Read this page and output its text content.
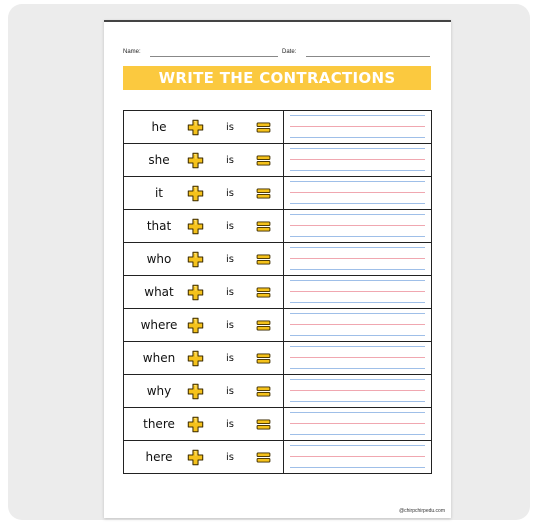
Name:	Date:
WRITE THE CONTRACTIONS
he	is
she	is
it	is
that	is
who	is
what	is
where	is
when	is
why	is
there	is
here	is
@chirpchirpedu.com
